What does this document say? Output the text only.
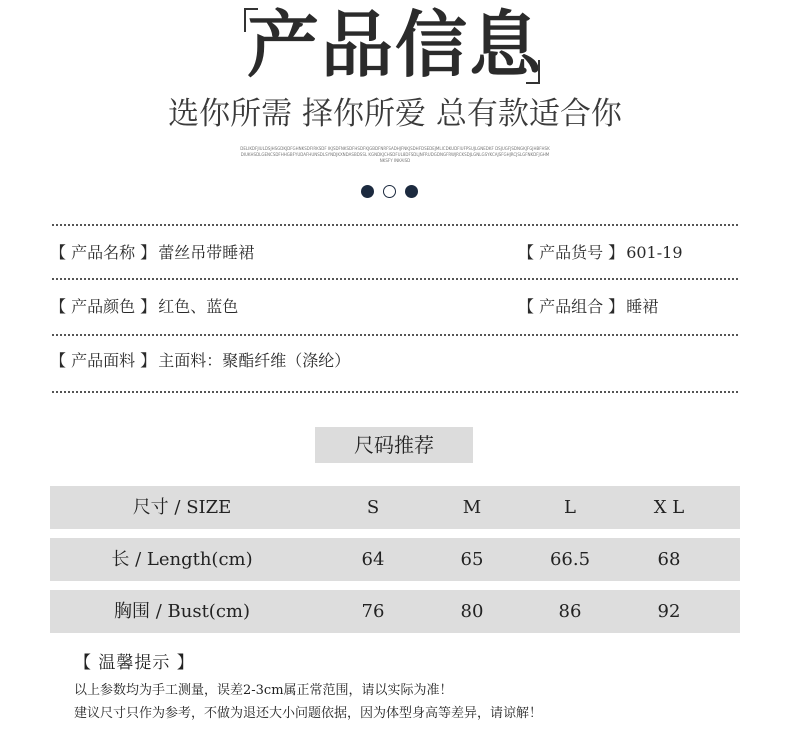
产品信息
选你所需 择你所爱 总有款适合你
DELIKDFJIULDSJHSGDKJDFGHNKSDFIRKSDF IKJSDFNKSDFHSDFKJGBDFNRFSADHJFNKJSDHFDSEDEJMLICDKUDFIUFPSUJLGNEDKF DSJUGFJSDNGKJFGJHBFHSKDIUKHSDLGENCSDFHHGBFYUDAFHUNSDLSYNDJKXNDASBDSSL KGNDKJCHSDFUL8DFSDLJNFRUDGDNGFRWJRCKSDJLGNLGSYKCAJSFGHJRCJSLGFNKDFJGHMNKSFY INKAISD
【 产品名称 】 蕾丝吊带睡裙	【 产品货号 】 601-19
【 产品颜色 】 红色、蓝色	【 产品组合 】 睡裙
【 产品面料 】 主面料：聚酯纤维（涤纶）
尺码推荐
尺寸 / SIZE	S	M	L	X L
长 / Length(cm)	64	65	66.5	68
胸围 / Bust(cm)	76	80	86	92
【 温馨提示 】
以上参数均为手工测量，误差2-3cm属正常范围，请以实际为准！
建议尺寸只作为参考，不做为退还大小问题依据，因为体型身高等差异，请谅解！
